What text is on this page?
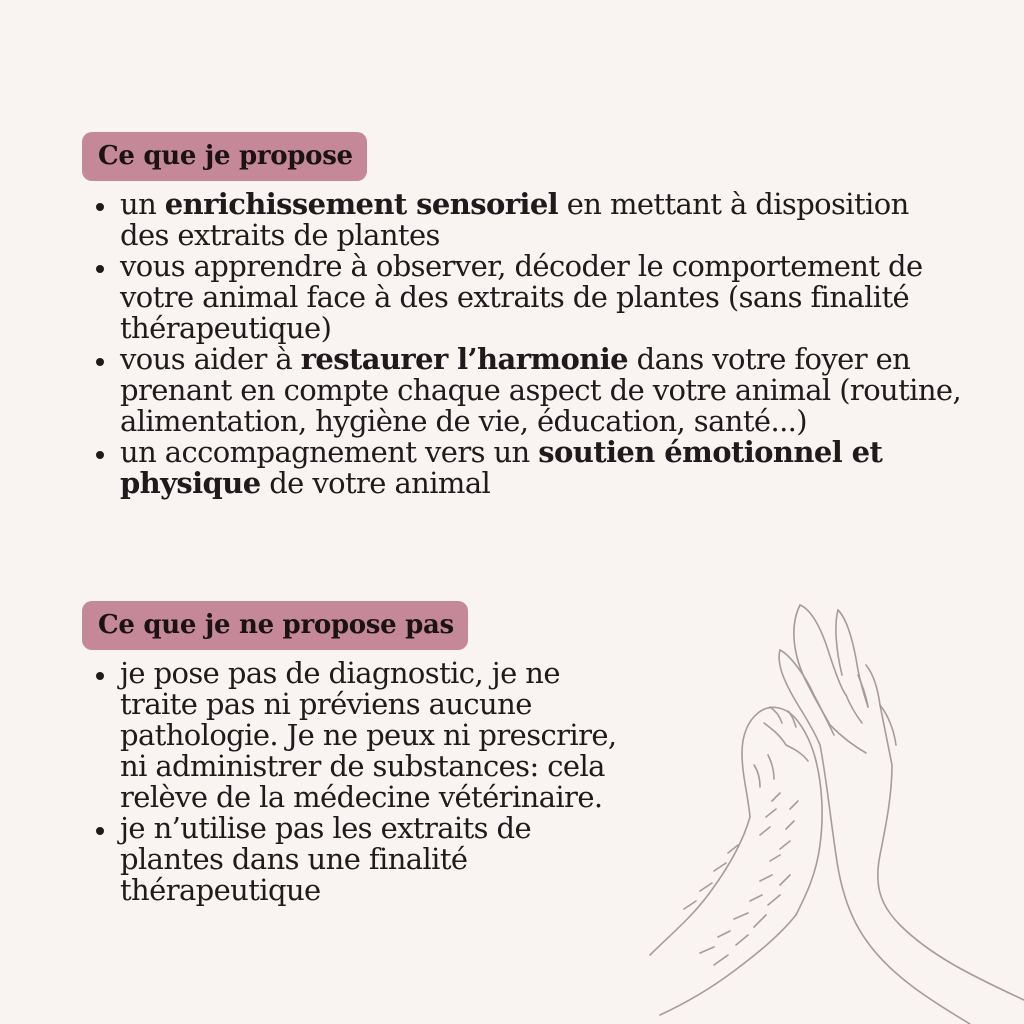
Ce que je propose
un enrichissement sensoriel en mettant à disposition des extraits de plantes
vous apprendre à observer, décoder le comportement de votre animal face à des extraits de plantes (sans finalité thérapeutique)
vous aider à restaurer l’harmonie dans votre foyer en prenant en compte chaque aspect de votre animal (routine, alimentation, hygiène de vie, éducation, santé...)
un accompagnement vers un soutien émotionnel et physique de votre animal
Ce que je ne propose pas
je pose pas de diagnostic, je ne traite pas ni préviens aucune pathologie. Je ne peux ni prescrire, ni administrer de substances: cela relève de la médecine vétérinaire.
je n’utilise pas les extraits de plantes dans une finalité thérapeutique
